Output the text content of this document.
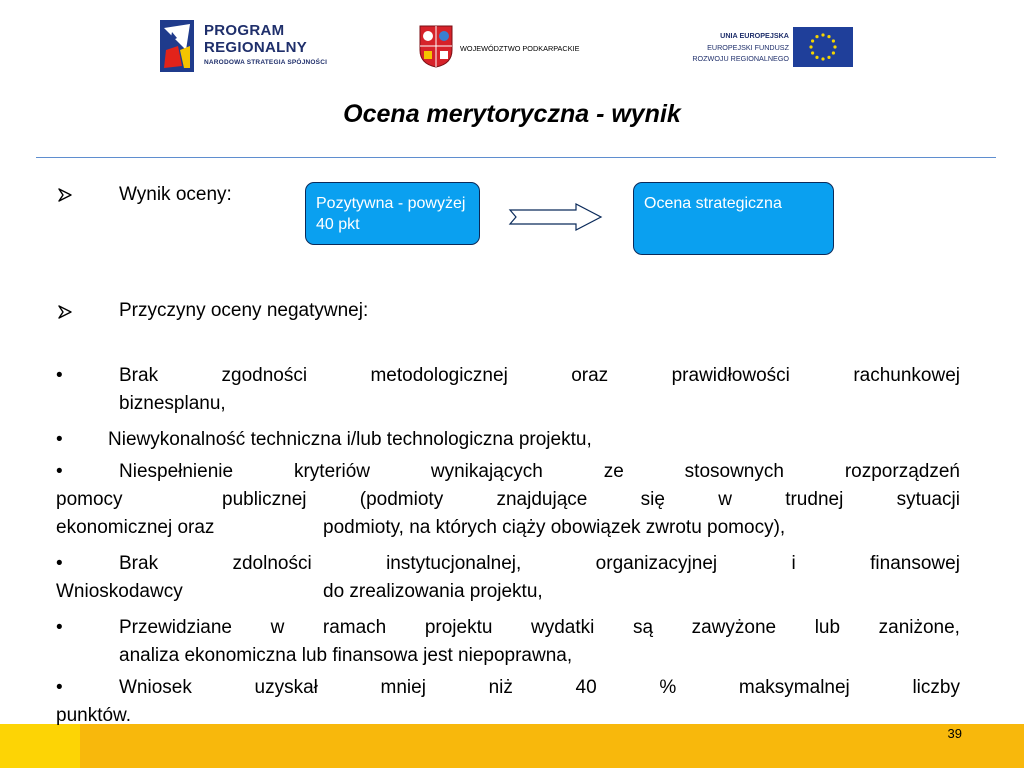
PROGRAM
REGIONALNY
NARODOWA STRATEGIA SPÓJNOŚCI
WOJEWÓDZTWO PODKARPACKIE
UNIA EUROPEJSKA
EUROPEJSKI FUNDUSZ
ROZWOJU REGIONALNEGO
Ocena merytoryczna - wynik
Wynik oceny:	Pozytywna - powyżej 40 pkt
Ocena strategiczna
Przyczyny oceny negatywnej:
•	Brak	zgodności	metodologicznej	oraz	prawidłowości	rachunkowej
biznesplanu,
• Niewykonalność techniczna i/lub technologiczna projektu,
•	Niespełnienie	kryteriów	wynikających	ze	stosownych	rozporządzeń
pomocy	publicznej	(podmioty	znajdujące	się	w	trudnej	sytuacji
ekonomicznej oraz	podmioty, na których ciąży obowiązek zwrotu pomocy),
•	Brak	zdolności	instytucjonalnej,	organizacyjnej	i	finansowej
Wnioskodawcy	do zrealizowania projektu,
•	Przewidziane w ramach projektu wydatki są zawyżone lub zaniżone,
analiza ekonomiczna lub finansowa jest niepoprawna,
•	Wniosek	uzyskał	mniej	niż	40	%	maksymalnej	liczby
punktów.
39
